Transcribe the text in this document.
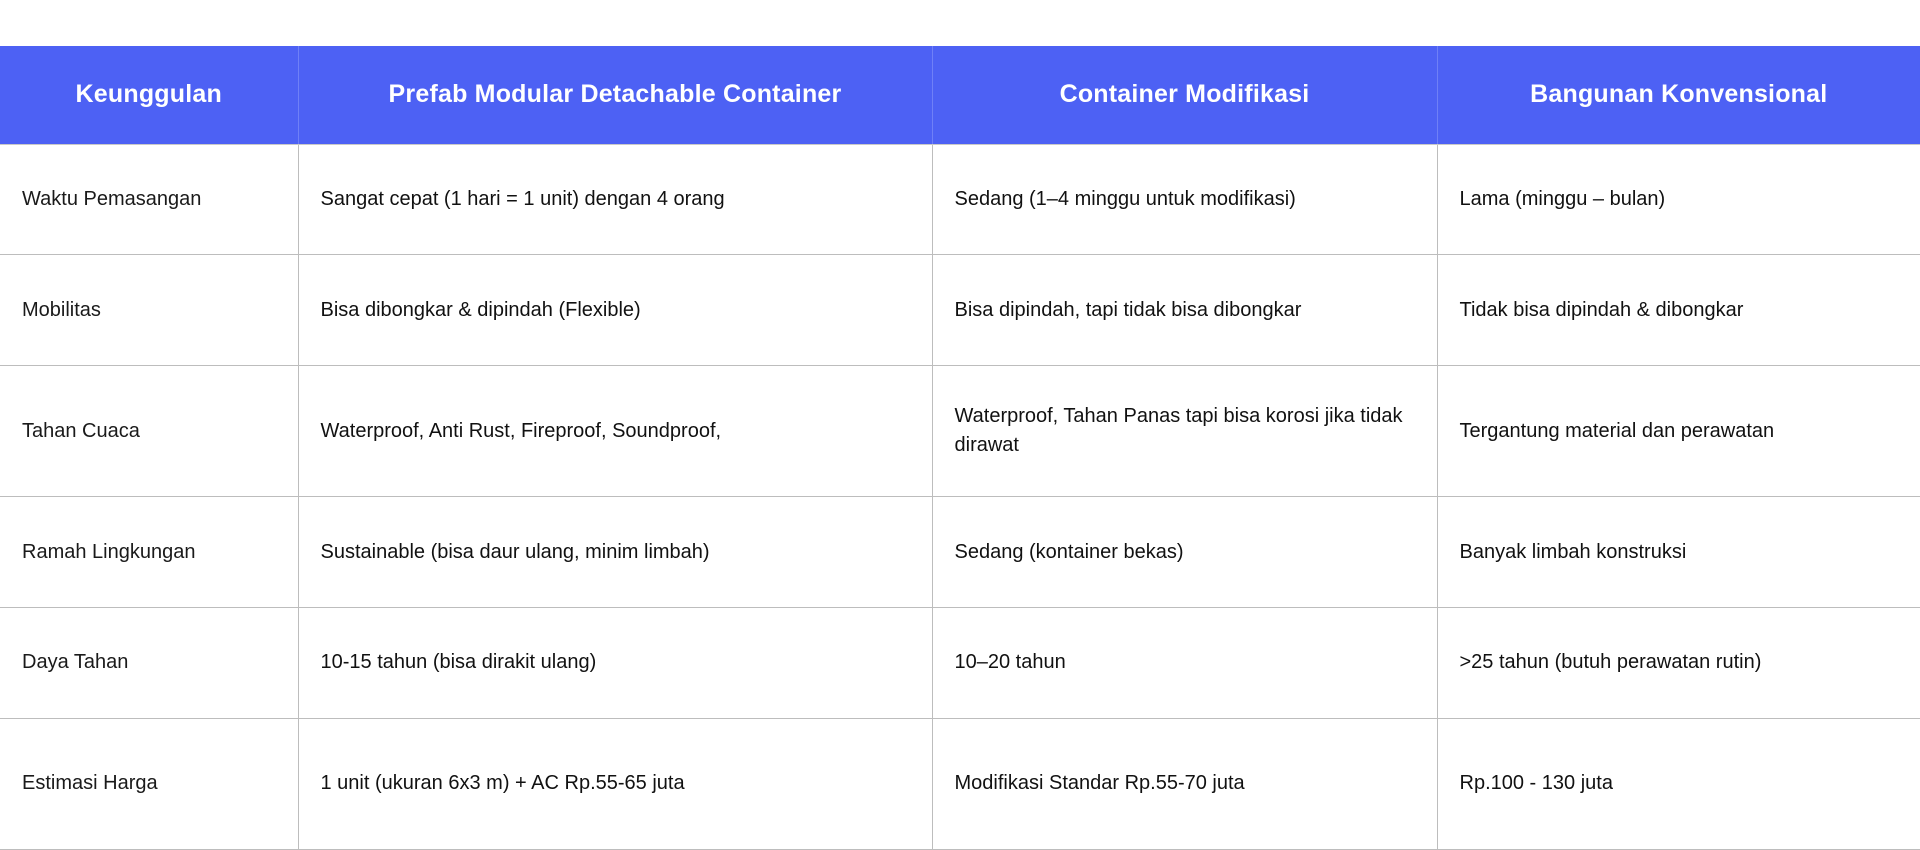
Keunggulan	Prefab Modular Detachable Container	Container Modifikasi	Bangunan Konvensional
Waktu Pemasangan	Sangat cepat (1 hari = 1 unit) dengan 4 orang	Sedang (1–4 minggu untuk modifikasi)	Lama (minggu – bulan)
Mobilitas	Bisa dibongkar & dipindah (Flexible)	Bisa dipindah, tapi tidak bisa dibongkar	Tidak bisa dipindah & dibongkar
Tahan Cuaca	Waterproof, Anti Rust, Fireproof, Soundproof,	Waterproof, Tahan Panas tapi bisa korosi jika tidak dirawat	Tergantung material dan perawatan
Ramah Lingkungan	Sustainable (bisa daur ulang, minim limbah)	Sedang (kontainer bekas)	Banyak limbah konstruksi
Daya Tahan	10-15 tahun (bisa dirakit ulang)	10–20 tahun	>25 tahun (butuh perawatan rutin)
Estimasi Harga	1 unit (ukuran 6x3 m) + AC Rp.55-65 juta	Modifikasi Standar Rp.55-70 juta	Rp.100 - 130 juta
